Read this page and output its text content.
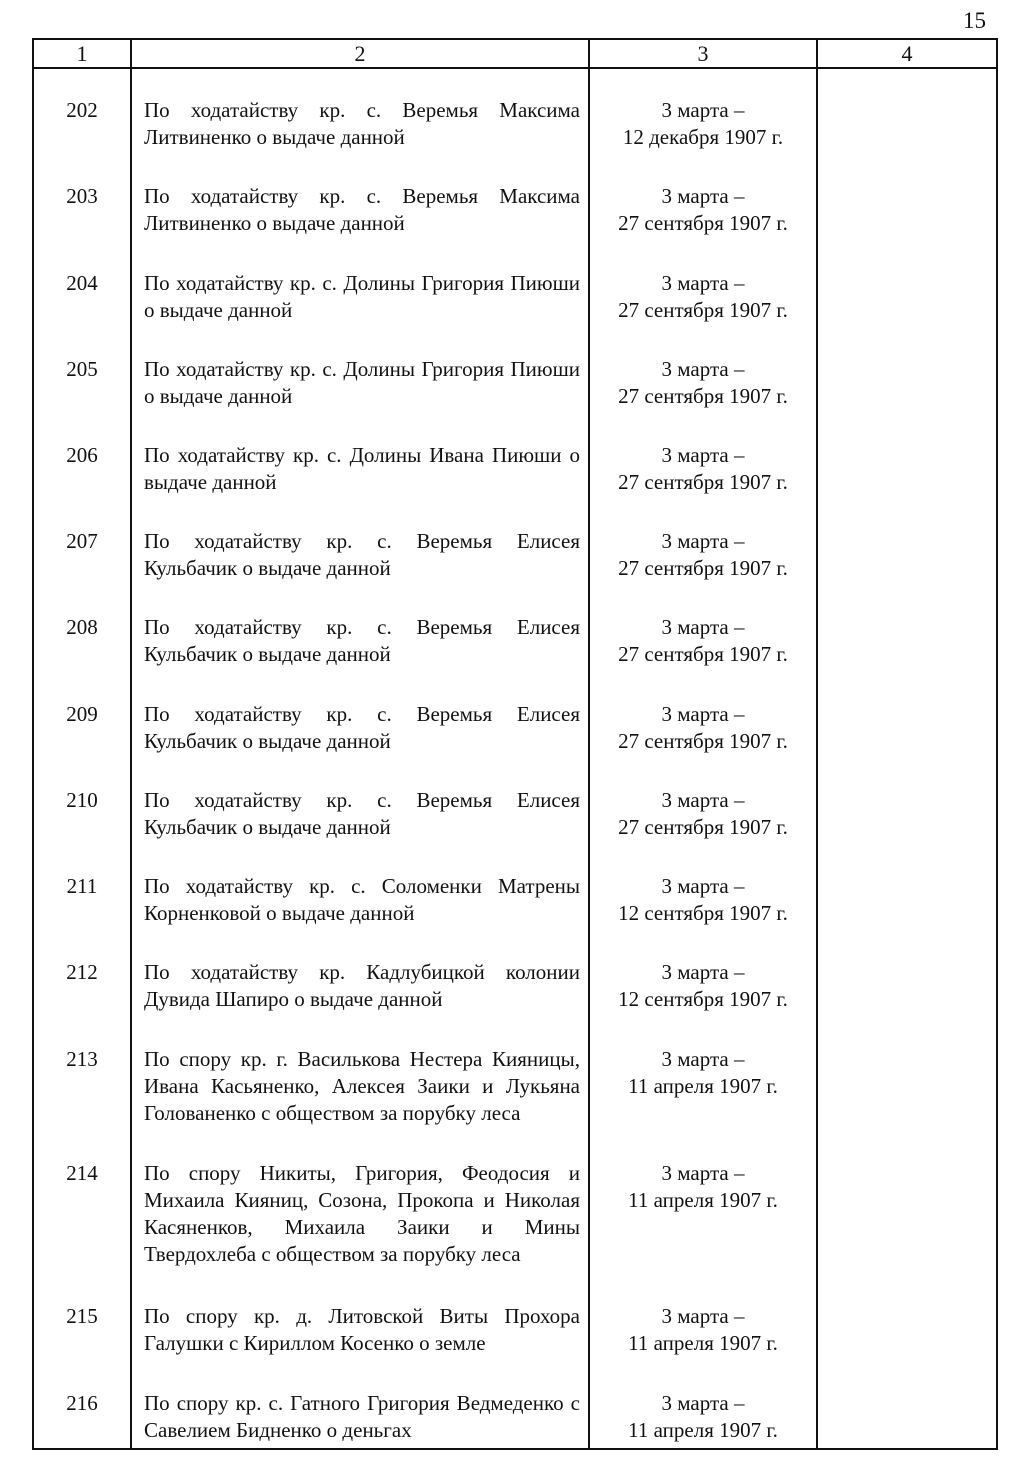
15
1	2	3	4
202	По ходатайству кр. с. Веремья Максима Литвиненко о выдаче данной	3 марта –
12 декабря 1907 г.	

203	По ходатайству кр. с. Веремья Максима Литвиненко о выдаче данной	3 марта –
27 сентября 1907 г.	

204	По ходатайству кр. с. Долины Григория Пиюши о выдаче данной	3 марта –
27 сентября 1907 г.	

205	По ходатайству кр. с. Долины Григория Пиюши о выдаче данной	3 марта –
27 сентября 1907 г.	

206	По ходатайству кр. с. Долины Ивана Пиюши о выдаче данной	3 марта –
27 сентября 1907 г.	

207	По ходатайству кр. с. Веремья Елисея Кульбачик о выдаче данной	3 марта –
27 сентября 1907 г.	

208	По ходатайству кр. с. Веремья Елисея Кульбачик о выдаче данной	3 марта –
27 сентября 1907 г.	

209	По ходатайству кр. с. Веремья Елисея Кульбачик о выдаче данной	3 марта –
27 сентября 1907 г.	

210	По ходатайству кр. с. Веремья Елисея Кульбачик о выдаче данной	3 марта –
27 сентября 1907 г.	

211	По ходатайству кр. с. Соломенки Матрены Корненковой о выдаче данной	3 марта –
12 сентября 1907 г.	

212	По ходатайству кр. Кадлубицкой колонии Дувида Шапиро о выдаче данной	3 марта –
12 сентября 1907 г.	

213	По спору кр. г. Василькова Нестера Кияницы, Ивана Касьяненко, Алексея Заики и Лукьяна Голованенко с обществом за порубку леса	3 марта –
11 апреля 1907 г.	

214	По спору Никиты, Григория, Феодосия и Михаила Кияниц, Созона, Прокопа и Николая Касяненков, Михаила Заики и Мины Твердохлеба с обществом за порубку леса	3 марта –
11 апреля 1907 г.	

215	По спору кр. д. Литовской Виты Прохора Галушки с Кириллом Косенко о земле	3 марта –
11 апреля 1907 г.	

216	По спору кр. с. Гатного Григория Ведмеденко с Савелием Бидненко о деньгах	3 марта –
11 апреля 1907 г.	
